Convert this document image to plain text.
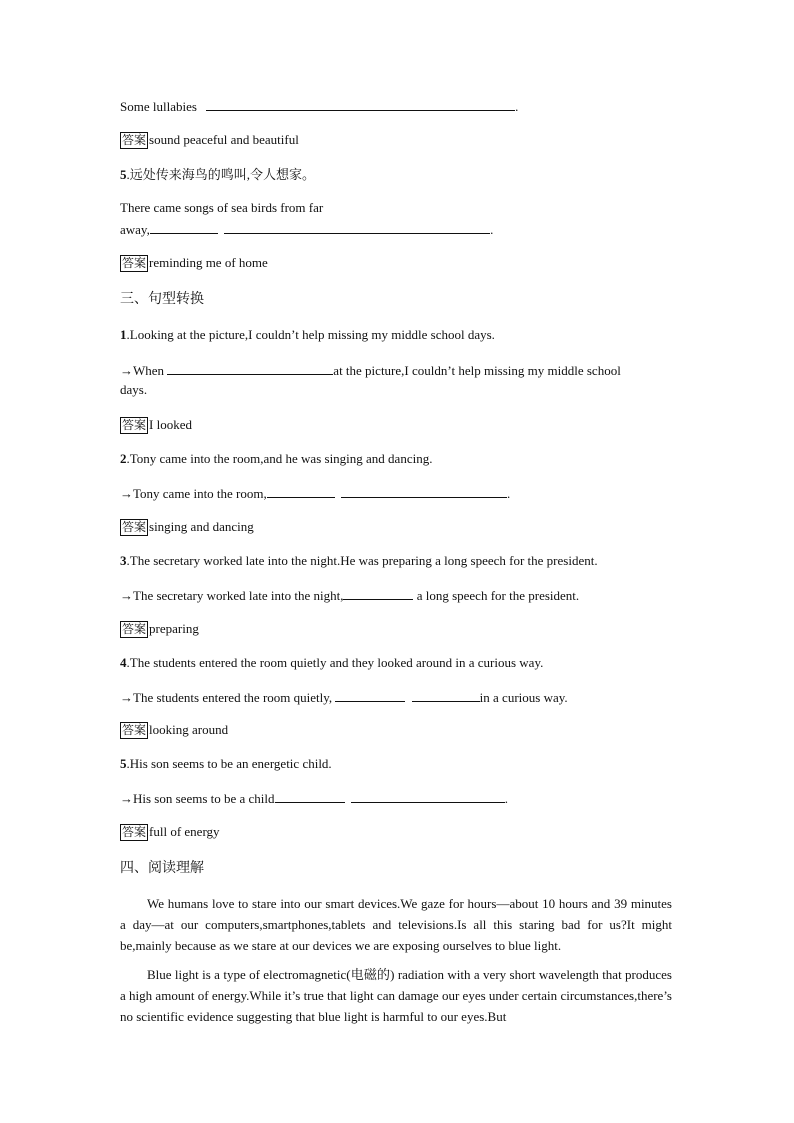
Some lullabies	.
答案 sound peaceful and beautiful
5.远处传来海鸟的鸣叫,令人想家。
There came songs of sea birds from far
away,	.
答案 reminding me of home
三、句型转换
1.Looking at the picture,I couldn’t help missing my middle school days.
→When	at the picture,I couldn’t help missing my middle school
days.
答案 I looked
2.Tony came into the room,and he was singing and dancing.
→Tony came into the room,	.
答案 singing and dancing
3.The secretary worked late into the night.He was preparing a long speech for the president.
→The secretary worked late into the night,	a long speech for the president.
答案 preparing
4.The students entered the room quietly and they looked around in a curious way.
→The students entered the room quietly,	in a curious way.
答案 looking around
5.His son seems to be an energetic child.
→His son seems to be a child	.
答案 full of energy
四、阅读理解
We humans love to stare into our smart devices.We gaze for hours—about 10 hours and 39 minutes a day—at our computers,smartphones,tablets and televisions.Is all this staring bad for us?It might be,mainly because as we stare at our devices we are exposing ourselves to blue light.
Blue light is a type of electromagnetic(电磁的) radiation with a very short wavelength that produces a high amount of energy.While it’s true that light can damage our eyes under certain circumstances,there’s no scientific evidence suggesting that blue light is harmful to our eyes.But
